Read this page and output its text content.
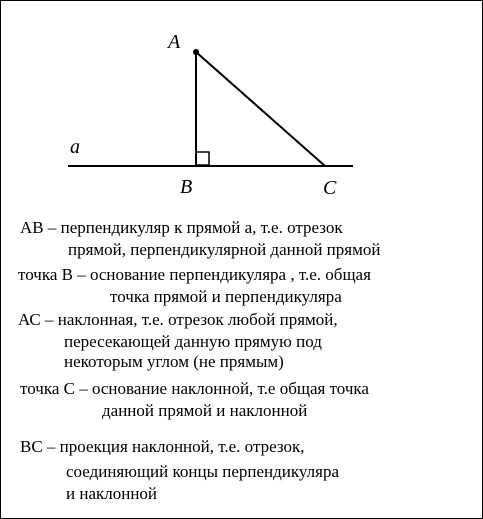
A
B	C
a
АВ – перпендикуляр к прямой а, т.е. отрезок
прямой, перпендикулярной данной прямой
точка В – основание перпендикуляра , т.е. общая
точка прямой и перпендикуляра
АС – наклонная, т.е. отрезок любой прямой,
пересекающей данную прямую под
некоторым углом (не прямым)
точка С – основание наклонной, т.е общая точка
данной прямой и наклонной
ВС – проекция наклонной, т.е. отрезок,
соединяющий концы перпендикуляра
и наклонной
